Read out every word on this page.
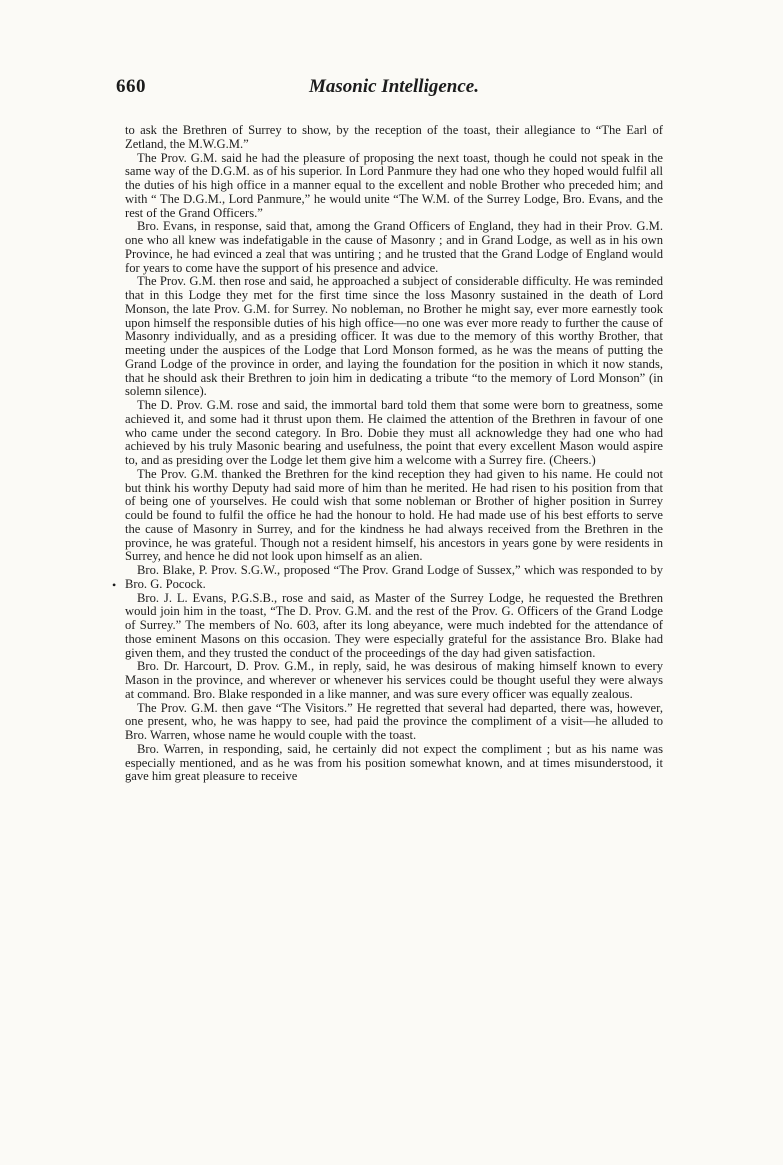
660	Masonic Intelligence.

to ask the Brethren of Surrey to show, by the reception of the toast, their allegiance to “The Earl of Zetland, the M.W.G.M.”

The Prov. G.M. said he had the pleasure of proposing the next toast, though he could not speak in the same way of the D.G.M. as of his superior. In Lord Panmure they had one who they hoped would fulfil all the duties of his high office in a manner equal to the excellent and noble Brother who preceded him; and with “ The D.G.M., Lord Panmure,” he would unite “The W.M. of the Surrey Lodge, Bro. Evans, and the rest of the Grand Officers.”

Bro. Evans, in response, said that, among the Grand Officers of England, they had in their Prov. G.M. one who all knew was indefatigable in the cause of Masonry ; and in Grand Lodge, as well as in his own Province, he had evinced a zeal that was untiring ; and he trusted that the Grand Lodge of England would for years to come have the support of his presence and advice.

The Prov. G.M. then rose and said, he approached a subject of considerable difficulty. He was reminded that in this Lodge they met for the first time since the loss Masonry sustained in the death of Lord Monson, the late Prov. G.M. for Surrey. No nobleman, no Brother he might say, ever more earnestly took upon himself the responsible duties of his high office—no one was ever more ready to further the cause of Masonry individually, and as a presiding officer. It was due to the memory of this worthy Brother, that meeting under the auspices of the Lodge that Lord Monson formed, as he was the means of putting the Grand Lodge of the province in order, and laying the foundation for the position in which it now stands, that he should ask their Brethren to join him in dedicating a tribute “to the memory of Lord Monson” (in solemn silence).

The D. Prov. G.M. rose and said, the immortal bard told them that some were born to greatness, some achieved it, and some had it thrust upon them. He claimed the attention of the Brethren in favour of one who came under the second category. In Bro. Dobie they must all acknowledge they had one who had achieved by his truly Masonic bearing and usefulness, the point that every excellent Mason would aspire to, and as presiding over the Lodge let them give him a welcome with a Surrey fire. (Cheers.)

The Prov. G.M. thanked the Brethren for the kind reception they had given to his name. He could not but think his worthy Deputy had said more of him than he merited. He had risen to his position from that of being one of yourselves. He could wish that some nobleman or Brother of higher position in Surrey could be found to fulfil the office he had the honour to hold. He had made use of his best efforts to serve the cause of Masonry in Surrey, and for the kindness he had always received from the Brethren in the province, he was grateful. Though not a resident himself, his ancestors in years gone by were residents in Surrey, and hence he did not look upon himself as an alien.

Bro. Blake, P. Prov. S.G.W., proposed “The Prov. Grand Lodge of Sussex,” which was responded to by Bro. G. Pocock.

Bro. J. L. Evans, P.G.S.B., rose and said, as Master of the Surrey Lodge, he requested the Brethren would join him in the toast, “The D. Prov. G.M. and the rest of the Prov. G. Officers of the Grand Lodge of Surrey.” The members of No. 603, after its long abeyance, were much indebted for the attendance of those eminent Masons on this occasion. They were especially grateful for the assistance Bro. Blake had given them, and they trusted the conduct of the proceedings of the day had given satisfaction.

Bro. Dr. Harcourt, D. Prov. G.M., in reply, said, he was desirous of making himself known to every Mason in the province, and wherever or whenever his services could be thought useful they were always at command. Bro. Blake responded in a like manner, and was sure every officer was equally zealous.

The Prov. G.M. then gave “The Visitors.” He regretted that several had departed, there was, however, one present, who, he was happy to see, had paid the province the compliment of a visit—he alluded to Bro. Warren, whose name he would couple with the toast.

Bro. Warren, in responding, said, he certainly did not expect the compliment ; but as his name was especially mentioned, and as he was from his position somewhat known, and at times misunderstood, it gave him great pleasure to receive

•
